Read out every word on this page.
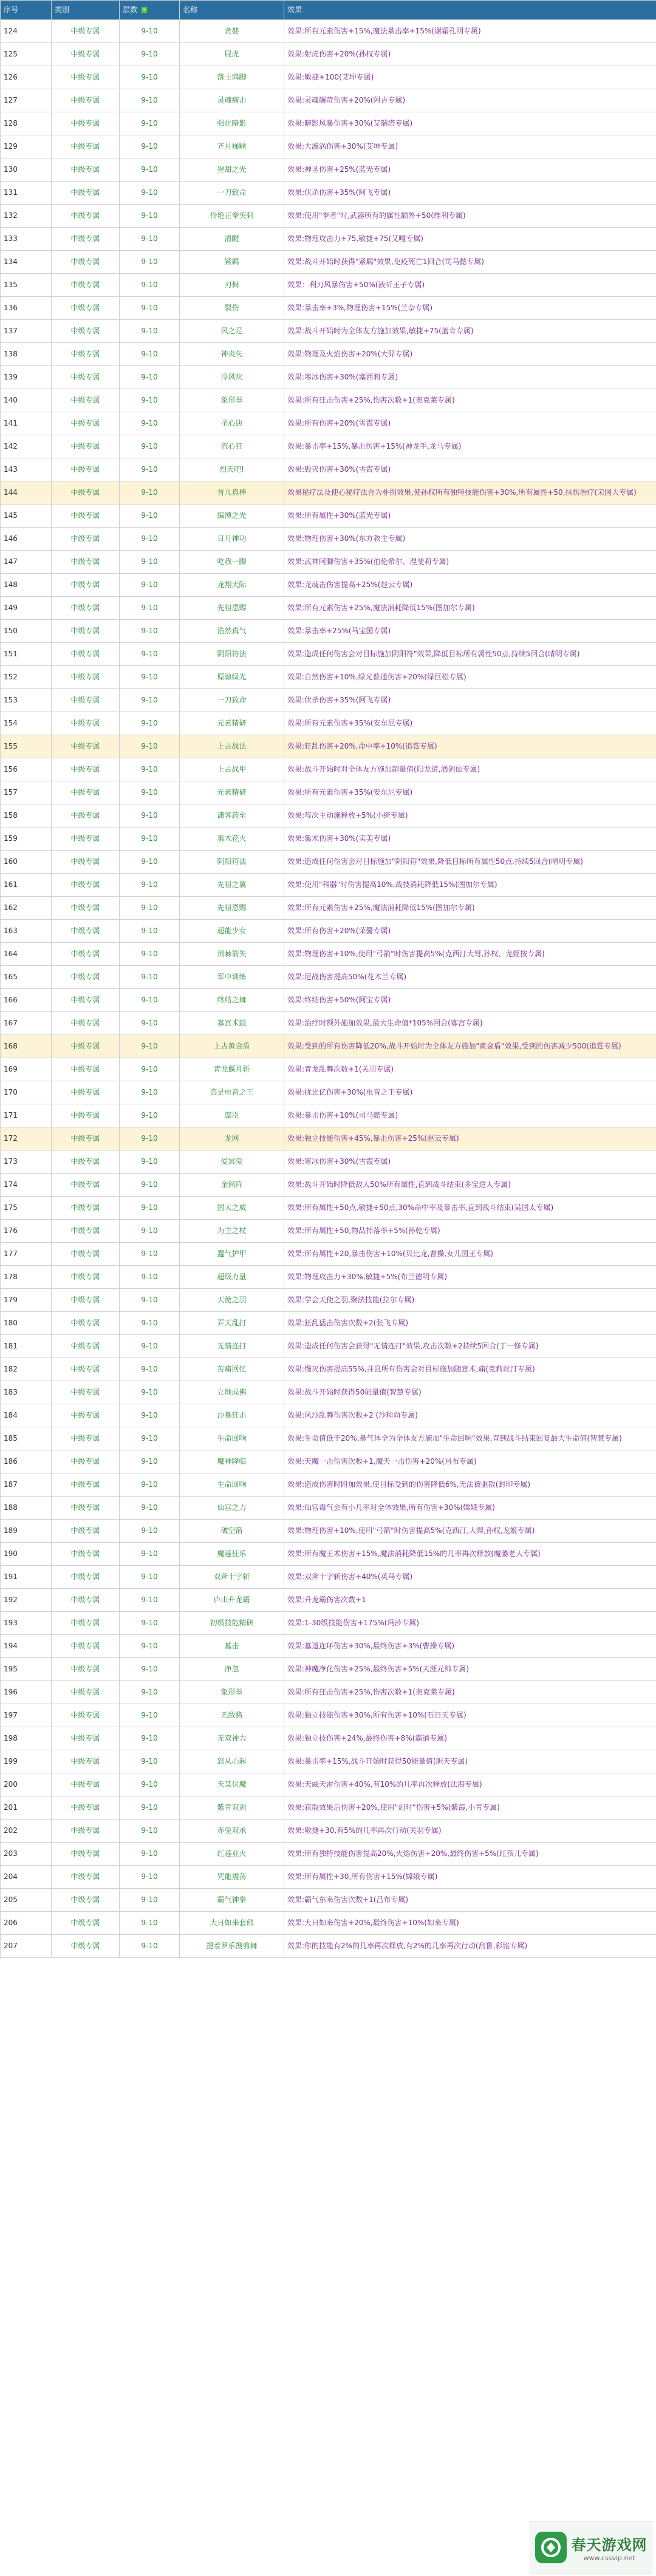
序号	类别	层数 ▾	名称	效果
124	中级专属	9-10	贪婪	效果:所有元素伤害+15%,魔法暴击率+15%(谢霜孔明专属)
125	中级专属	9-10	屁虎	效果:射虎伤害+20%(孙权专属)
126	中级专属	9-10	落士鸿脚	效果:敏捷+100(艾坤专属)
127	中级专属	9-10	灵魂痛击	效果:灵魂碾苛伤害+20%(阿吉专属)
128	中级专属	9-10	强化暗影	效果:暗影风暴伤害+30%(艾瑞塔专属)
129	中级专属	9-10	齐月梯颗	效果:大漩涡伤害+30%(艾坤专属)
130	中级专属	9-10	猩甜之光	效果:神圣伤害+25%(蓝光专属)
131	中级专属	9-10	一刀致命	效果:伏杀伤害+35%(阿飞专属)
132	中级专属	9-10	伶艳正拳突刺	效果:使用"拳者"时,武器所有的属性额外+50(维利专属)
133	中级专属	9-10	清醒	效果:物理攻击力+75,敏捷+75(艾嘎专属)
134	中级专属	9-10	紧羁	效果:战斗开始时获得"紧羁"效果,免疫死亡1回合(司马懿专属)
135	中级专属	9-10	刃舞	效果：利刃风暴伤害+50%(液听王子专属)
136	中级专属	9-10	裂伤	效果:暴击率+3%,物理伤害+15%(兰奈专属)
137	中级专属	9-10	风之足	效果:战斗开始时为全体友方施加效果,敏捷+75(蓝肯专属)
138	中级专属	9-10	神炎矢	效果:物理及火焰伤害+20%(大羿专属)
139	中级专属	9-10	冷风吹	效果:寒冰伤害+30%(塞西莉专属)
140	中级专属	9-10	象形拳	效果:所有狂击伤害+25%,伤害次数+1(奥克莱专属)
141	中级专属	9-10	圣心诀	效果:所有伤害+20%(雪霞专属)
142	中级专属	9-10	流心狂	效果:暴击率+15%,暴击伤害+15%(神龙手,龙马专属)
143	中级专属	9-10	烈天吧!	效果:毁灭伤害+30%(雪霞专属)
144	中级专属	9-10	首儿真棒	效果秘疗法及使心秘疗法合为朴拐效果,使孙权所有独特技能伤害+30%,所有属性+50,抹伤治疗(宋国大专属)
145	中级专属	9-10	编缚之光	效果:所有属性+30%(蓝光专属)
146	中级专属	9-10	日月神功	效果:物理伤害+30%(东方教主专属)
147	中级专属	9-10	吃我一脚	效果:武神阿脚伤害+35%(伯伦希尔、涅斐莉专属)
148	中级专属	9-10	龙翔天际	效果:龙魂击伤害提高+25%(赵云专属)
149	中级专属	9-10	先祖恩赐	效果:所有元素伤害+25%,魔法消耗降低15%(图加尔专属)
150	中级专属	9-10	浩然真气	效果:暴击率+25%(马宝国专属)
151	中级专属	9-10	阴阳符法	效果:造成任何伤害会对目标施加阴阳符"效果,降低目标所有属性50点,持续5回合(晴明专属)
152	中级专属	9-10	原谅绿光	效果:自然伤害+10%,绿光普通伤害+20%(绿巨松专属)
153	中级专属	9-10	一刀致命	效果:伏杀伤害+35%(阿飞专属)
154	中级专属	9-10	元素精研	效果:所有元素伤害+35%(安东尼专属)
155	中级专属	9-10	上古战法	效果:狂乱伤害+20%,命中率+10%(追霆专属)
156	中级专属	9-10	上古战甲	效果:战斗开始时对全体友方施加超量值(阳龙道,酒剑仙专属)
157	中级专属	9-10	元素精研	效果:所有元素伤害+35%(安东尼专属)
158	中级专属	9-10	潇客药至	效果:每次主动施释放+5%(小绮专属)
159	中级专属	9-10	集术花火	效果:集术伤害+30%(实美专属)
160	中级专属	9-10	阴阳符法	效果:造成任何伤害会对目标施加"阴阳符"效果,降低目标所有属性50点,持续5回合(晴明专属)
161	中级专属	9-10	先祖之翼	效果:使用"科器"时伤害提高10%,战技消耗降低15%(图加尔专属)
162	中级专属	9-10	先祖恩赐	效果:所有元素伤害+25%,魔法消耗降低15%(图加尔专属)
163	中级专属	9-10	超能少女	效果:所有伤害+20%(荣馨专属)
164	中级专属	9-10	荆棘箭矢	效果:物理伤害+10%,使用"弓箭"时伤害提高5%(克西汀大弩,孙权、龙姬按专属)
165	中级专属	9-10	军中训练	效果:尼战伤害提高50%(花木兰专属)
166	中级专属	9-10	终结之舞	效果:终结伤害+50%(阿宝专属)
167	中级专属	9-10	寡宫术鼓	效果:治疗时额外施加效果,最大生命值*105%回合(寡宫专属)
168	中级专属	9-10	上古黄金盾	效果:受到的所有伤害降低20%,战斗开始时为全体友方施加"黄金盾"效果,受到的伤害减少500(追霆专属)
169	中级专属	9-10	青龙偃月斩	效果:青龙乱舞次数+1(关羽专属)
170	中级专属	9-10	盗是电音之王	效果:扰比亿伤害+30%(电音之王专属)
171	中级专属	9-10	谋臣	效果:暴击伤害+10%(司马懿专属)
172	中级专属	9-10	龙网	效果:独立技能伤害+45%,暴击伤害+25%(赵云专属)
173	中级专属	9-10	爱冥鬼	效果:寒冰伤害+30%(雪霞专属)
174	中级专属	9-10	金网阵	效果:战斗开始时降低敌人50%所有属性,直到战斗结束(多宝道人专属)
175	中级专属	9-10	国太之威	效果:所有属性+50点,敏捷+50点,30%命中率及暴击率,直到战斗结束(吴国太专属)
176	中级专属	9-10	为主之杖	效果:所有属性+50,物品掉落率+5%(孙乾专属)
177	中级专属	9-10	蠢气护甲	效果:所有属性+20,暴击伤害+10%(贝比龙,曹操,女儿国王专属)
178	中级专属	9-10	超级力量	效果:物理攻击力+30%,敏捷+5%(布兰德明专属)
179	中级专属	9-10	天使之羽	效果:学会天使之羽,聚法技能(拉尔专属)
180	中级专属	9-10	弄天乱打	效果:狂乱猛击伤害次数+2(张飞专属)
181	中级专属	9-10	无情连打	效果:造成任何伤害会获得"无情连打"效果,攻击次数+2持续5回合(丁一修专属)
182	中级专属	9-10	苦痛回忆	效果:慢灭伤害提高55%,并且所有伤害会对目标施加随意术,痛(克莉丝汀专属)
183	中级专属	9-10	立地成佛	效果:战斗开始时获得50能量值(智慧专属)
184	中级专属	9-10	沙暴狂击	效果:风沙乱舞伤害次数+2 (沙和尚专属)
185	中级专属	9-10	生命回响	效果:生命值低于20%,暴气体全为全体友方施加"生命回响"效果,直到战斗结束回复最大生命值(智慧专属)
186	中级专属	9-10	魔神降临	效果:天魔一击伤害次数+1,魔天一击伤害+20%(吕布专属)
187	中级专属	9-10	生命回响	效果:造成伤害时附加效果,使目标受到的伤害降低6%,无法被驱散(封印专属)
188	中级专属	9-10	仙宫之力	效果:仙宫毒气会有小几率对全体效果,所有伤害+30%(嫦娥专属)
189	中级专属	9-10	破空箭	效果:物理伤害+10%,使用"弓箭"时伤害提高5%(克西汀,大羿,孙权,龙姬专属)
190	中级专属	9-10	魔莲狂乐	效果:所有魔王术伤害+15%,魔法消耗降低15%的几率再次释放(魔萎老人专属)
191	中级专属	9-10	双斧十字斩	效果:双斧十字斩伤害+40%(英马专属)
192	中级专属	9-10	庐山升龙霸	效果:升龙霸伤害次数+1
193	中级专属	9-10	初级技能精研	效果:1-30级技能伤害+175%(玛莎专属)
194	中级专属	9-10	墓击	效果:墓道连环伤害+30%,最终伤害+3%(曹操专属)
195	中级专属	9-10	净忽	效果:神魔净化伤害+25%,最终伤害+5%(天涯元帅专属)
196	中级专属	9-10	象形拳	效果:所有狂击伤害+25%,伤害次数+1(奥克莱专属)
197	中级专属	9-10	无敌路	效果:独立技能伤害+30%,所有伤害+10%(石日天专属)
198	中级专属	9-10	无双神力	效果:独立技伤害+24%,最终伤害+8%(霸道专属)
199	中级专属	9-10	怒从心起	效果:暴击率+15%,战斗开始时获得50能量值(胆天专属)
200	中级专属	9-10	天某伏魔	效果:天威天雷伤害+40%,有10%的几率再次释放(法海专属)
201	中级专属	9-10	紫青双剑	效果:获取效果后伤害+20%,使用"剑时"伤害+5%(紫霞,小青专属)
202	中级专属	9-10	赤兔双承	效果:敏捷+30,有5%的几率再次行动(关羽专属)
203	中级专属	9-10	红莲业火	效果:所有独特技能伤害提高20%,火焰伤害+20%,最终伤害+5%(红孩儿专属)
204	中级专属	9-10	咒能震荡	效果:所有属性+30,所有伤害+15%(嫦娥专属)
205	中级专属	9-10	霸气神拳	效果:霸气东来伤害次数+1(吕布专属)
206	中级专属	9-10	大日如来套佛	效果:大日如来伤害+20%,最终伤害+10%(如来专属)
207	中级专属	9-10	提着罗乐搜剪舞	效果:你的技能有2%的几率再次释放,有2%的几率再次行动(刮鲁,彩铭专属)
春天游戏网
www.cssvip.net
